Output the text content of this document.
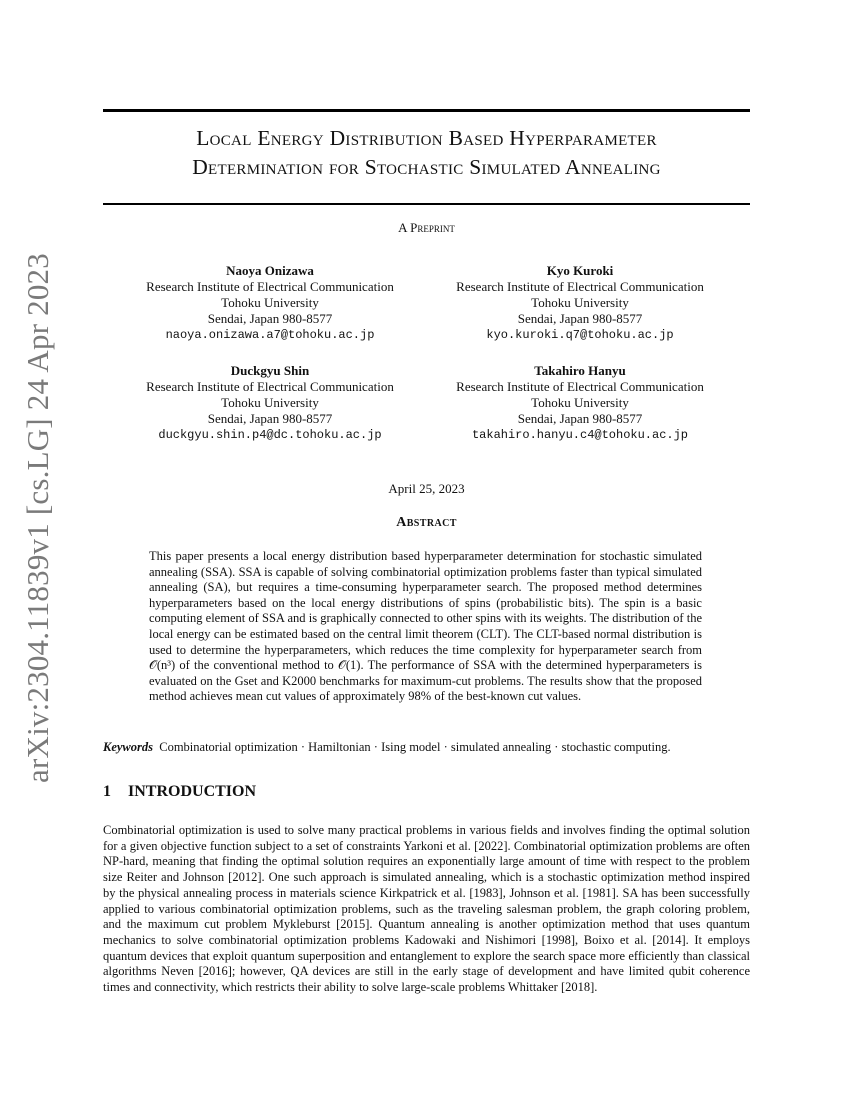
arXiv:2304.11839v1 [cs.LG] 24 Apr 2023
Local Energy Distribution Based Hyperparameter
Determination for Stochastic Simulated Annealing
A Preprint
Naoya Onizawa
Research Institute of Electrical Communication
Tohoku University
Sendai, Japan 980-8577
naoya.onizawa.a7@tohoku.ac.jp
Kyo Kuroki
Research Institute of Electrical Communication
Tohoku University
Sendai, Japan 980-8577
kyo.kuroki.q7@tohoku.ac.jp
Duckgyu Shin
Research Institute of Electrical Communication
Tohoku University
Sendai, Japan 980-8577
duckgyu.shin.p4@dc.tohoku.ac.jp
Takahiro Hanyu
Research Institute of Electrical Communication
Tohoku University
Sendai, Japan 980-8577
takahiro.hanyu.c4@tohoku.ac.jp
April 25, 2023
Abstract

This paper presents a local energy distribution based hyperparameter determination for stochastic simulated annealing (SSA). SSA is capable of solving combinatorial optimization problems faster than typical simulated annealing (SA), but requires a time-consuming hyperparameter search. The proposed method determines hyperparameters based on the local energy distributions of spins (probabilistic bits). The spin is a basic computing element of SSA and is graphically connected to other spins with its weights. The distribution of the local energy can be estimated based on the central limit theorem (CLT). The CLT-based normal distribution is used to determine the hyperparameters, which reduces the time complexity for hyperparameter search from 𝒪(n³) of the conventional method to 𝒪(1). The performance of SSA with the determined hyperparameters is evaluated on the Gset and K2000 benchmarks for maximum-cut problems. The results show that the proposed method achieves mean cut values of approximately 98% of the best-known cut values.

Keywords Combinatorial optimization · Hamiltonian · Ising model · simulated annealing · stochastic computing.

1 INTRODUCTION

Combinatorial optimization is used to solve many practical problems in various fields and involves finding the optimal solution for a given objective function subject to a set of constraints Yarkoni et al. [2022]. Combinatorial optimization problems are often NP-hard, meaning that finding the optimal solution requires an exponentially large amount of time with respect to the problem size Reiter and Johnson [2012]. One such approach is simulated annealing, which is a stochastic optimization method inspired by the physical annealing process in materials science Kirkpatrick et al. [1983], Johnson et al. [1981]. SA has been successfully applied to various combinatorial optimization problems, such as the traveling salesman problem, the graph coloring problem, and the maximum cut problem Mykleburst [2015]. Quantum annealing is another optimization method that uses quantum mechanics to solve combinatorial optimization problems Kadowaki and Nishimori [1998], Boixo et al. [2014]. It employs quantum devices that exploit quantum superposition and entanglement to explore the search space more efficiently than classical algorithms Neven [2016]; however, QA devices are still in the early stage of development and have limited qubit coherence times and connectivity, which restricts their ability to solve large-scale problems Whittaker [2018].
